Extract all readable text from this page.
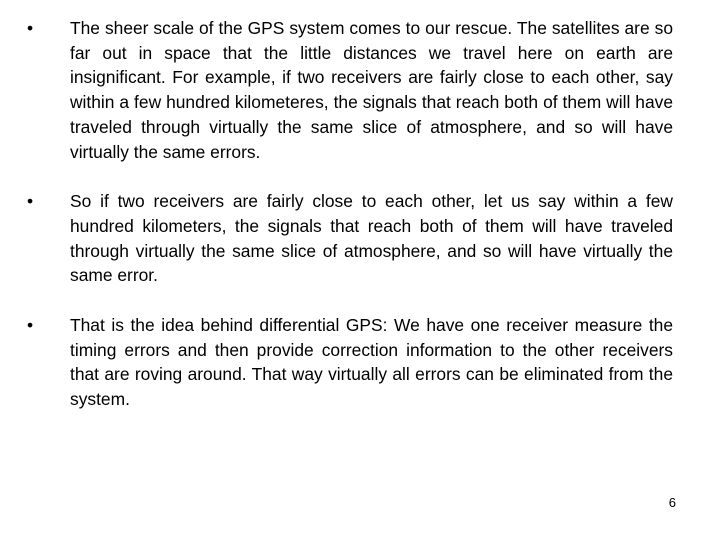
•	The sheer scale of the GPS system comes to our rescue. The satellites are so far out in space that the little distances we travel here on earth are insignificant. For example, if two receivers are fairly close to each other, say within a few hundred kilometeres, the signals that reach both of them will have traveled through virtually the same slice of atmosphere, and so will have virtually the same errors.
•	So if two receivers are fairly close to each other, let us say within a few hundred kilometers, the signals that reach both of them will have traveled through virtually the same slice of atmosphere, and so will have virtually the same error.
•	That is the idea behind differential GPS: We have one receiver measure the timing errors and then provide correction information to the other receivers that are roving around. That way virtually all errors can be eliminated from the system.
6
